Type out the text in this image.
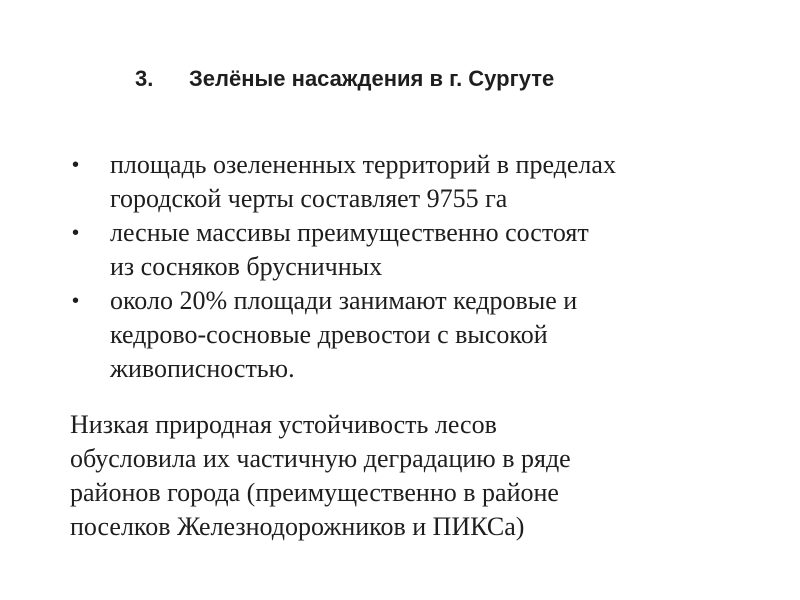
3. Зелёные насаждения в г. Сургуте
• площадь озелененных территорий в пределах
городской черты составляет 9755 га
• лесные массивы преимущественно состоят
из сосняков брусничных
• около 20% площади занимают кедровые и
кедрово-сосновые древостои с высокой
живописностью.
Низкая природная устойчивость лесов
обусловила их частичную деградацию в ряде
районов города (преимущественно в районе
поселков Железнодорожников и ПИКСа)
